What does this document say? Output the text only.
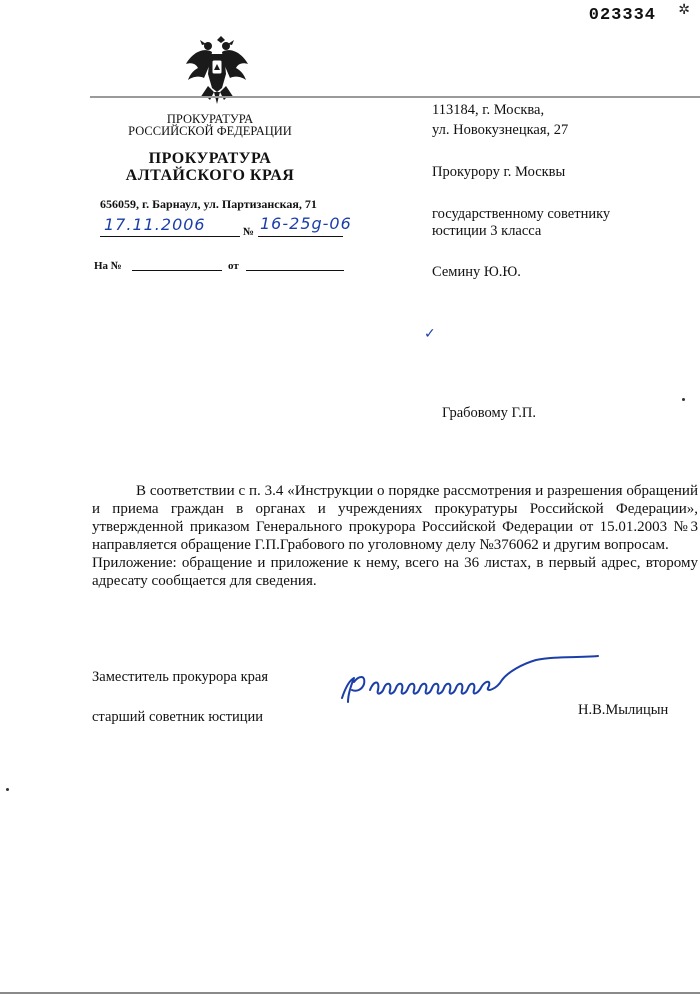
023334 ✲
ПРОКУРАТУРА
РОССИЙСКОЙ ФЕДЕРАЦИИ
ПРОКУРАТУРА
АЛТАЙСКОГО КРАЯ
656059, г. Барнаул, ул. Партизанская, 71
17.11.2006	№ 16-25g-06
На №	от
113184, г. Москва,
ул. Новокузнецкая, 27
Прокурору г. Москвы
государственному советнику
юстиции 3 класса
Семину Ю.Ю.
✓
Грабовому Г.П.

В соответствии с п. 3.4 «Инструкции о порядке рассмотрения и разрешения обращений и приема граждан в органах и учреждениях прокуратуры Российской Федерации», утвержденной приказом Генерального прокурора Российской Федерации от 15.01.2003 №3 направляется обращение Г.П.Грабового по уголовному делу №376062 и другим вопросам.

Приложение: обращение и приложение к нему, всего на 36 листах, в первый адрес, второму адресату сообщается для сведения.

Заместитель прокурора края
старший советник юстиции	Н.В.Мылицын
